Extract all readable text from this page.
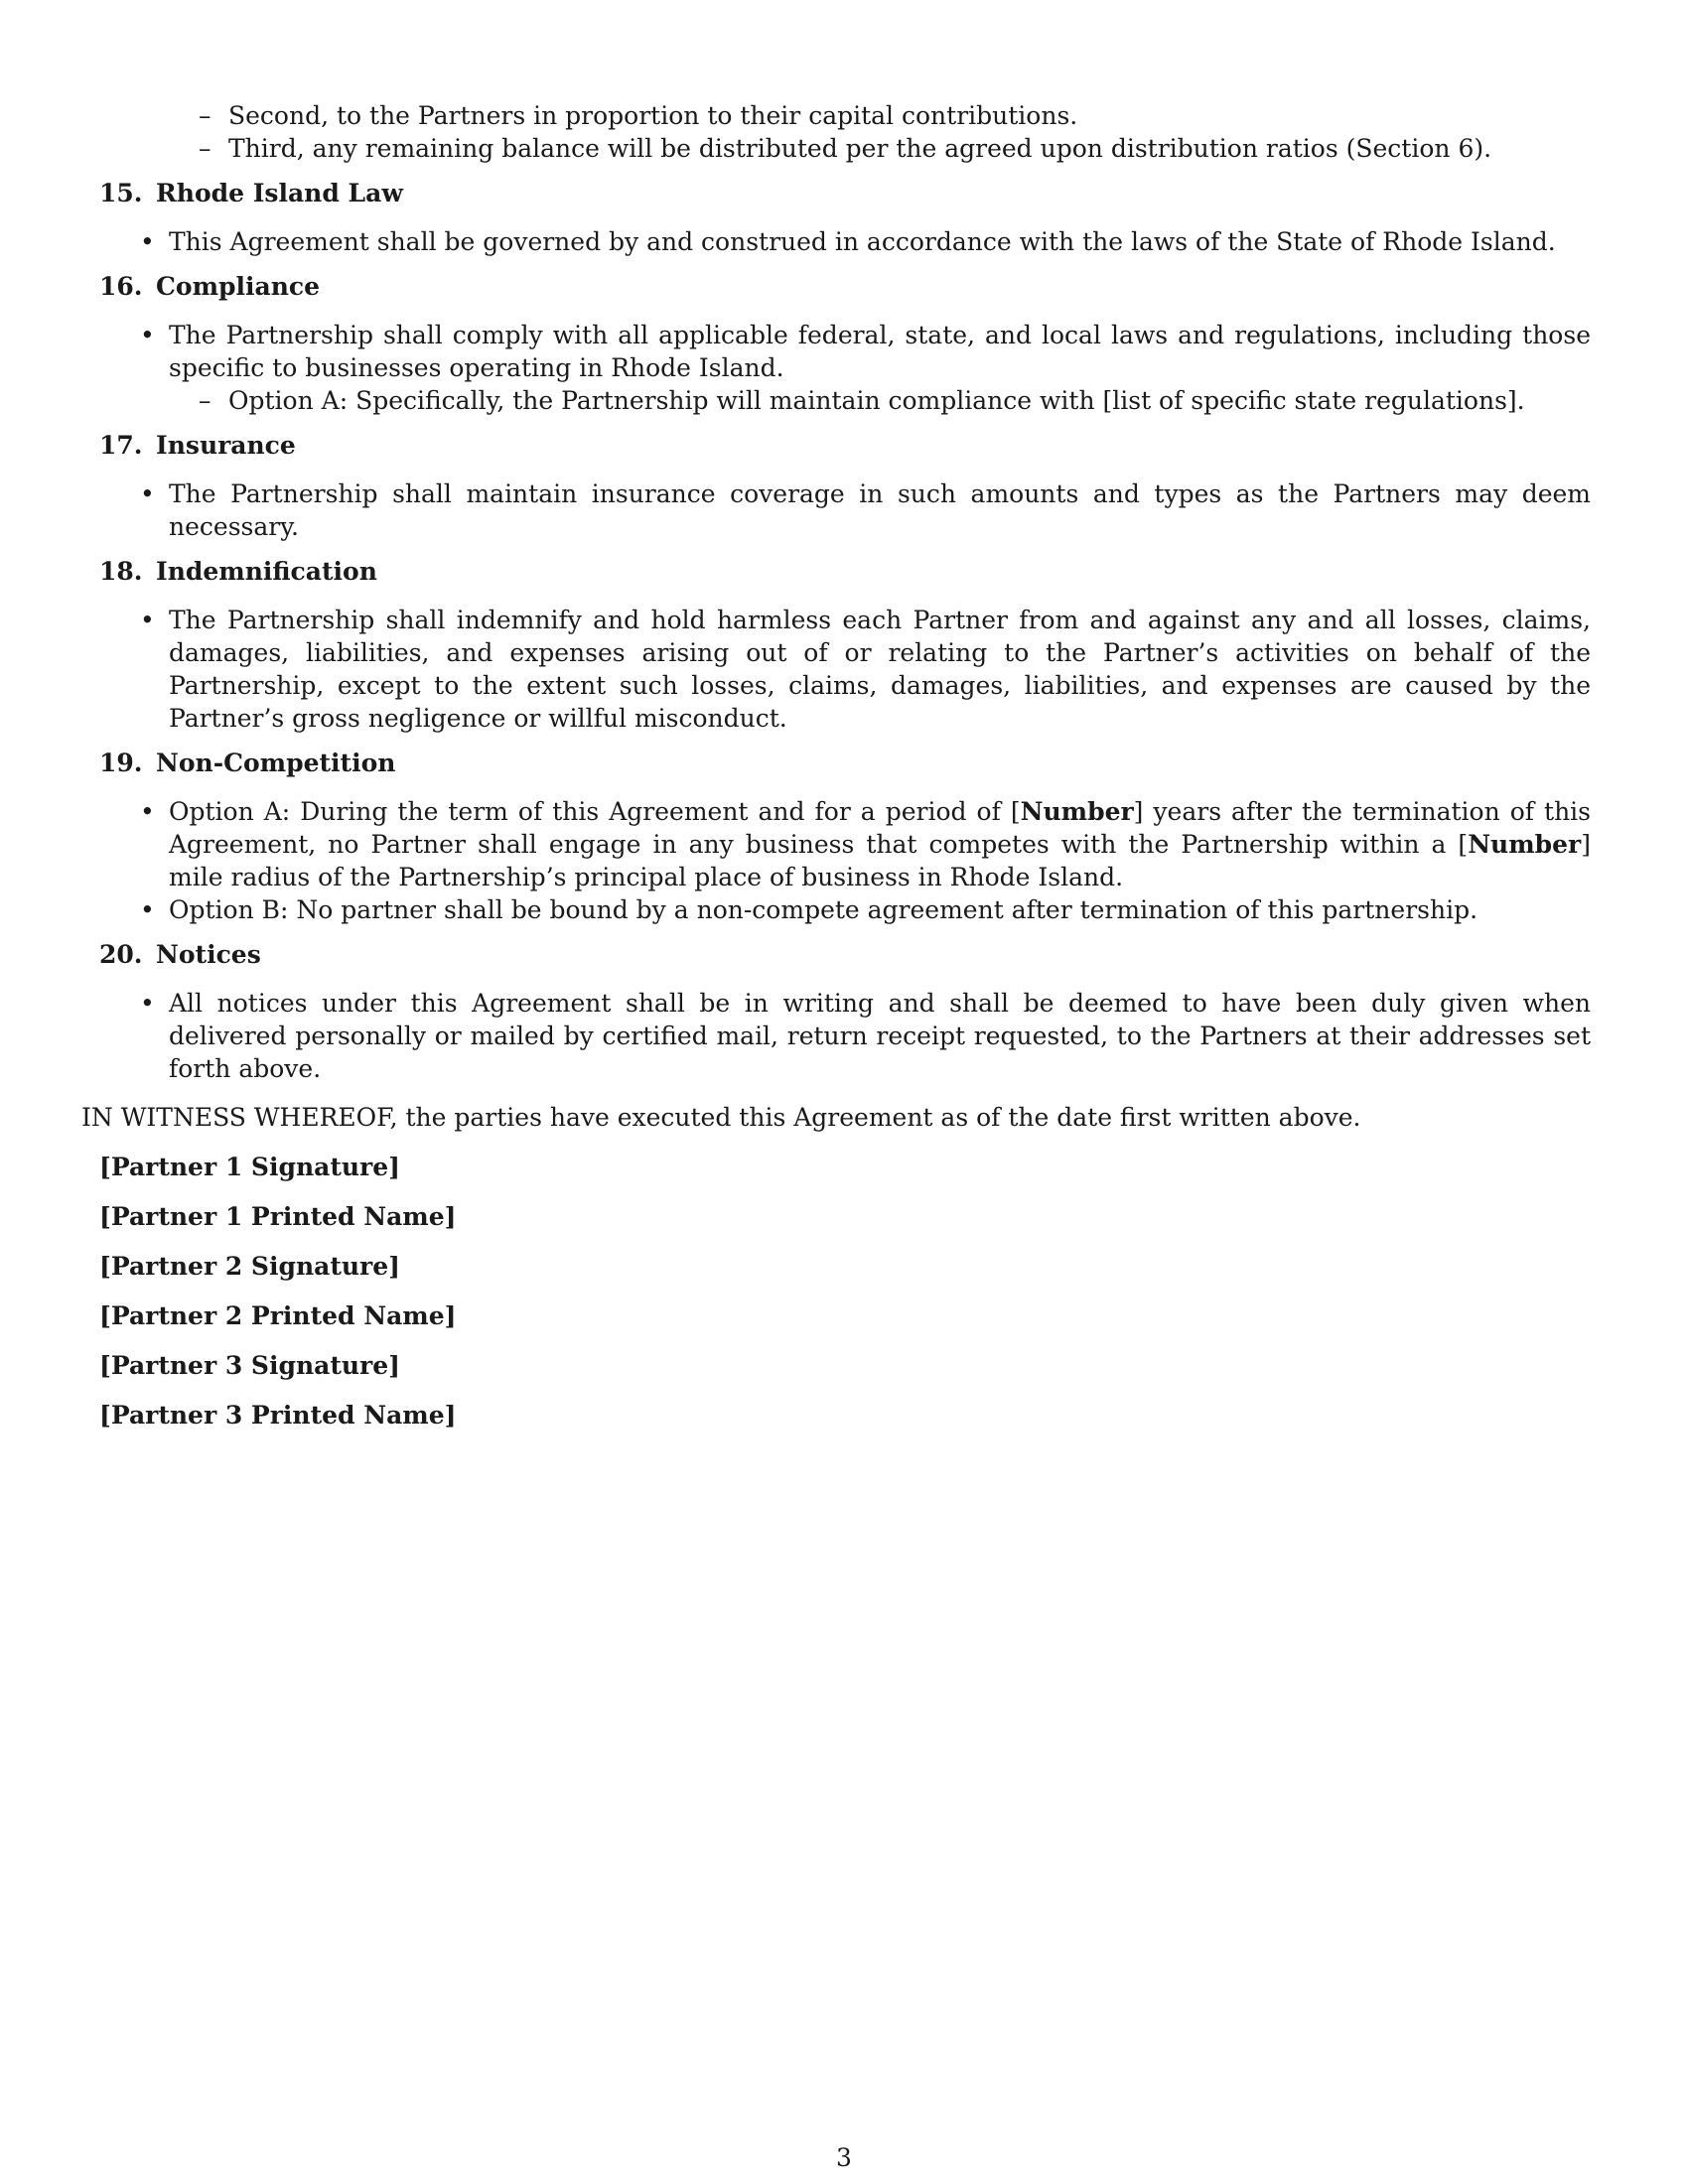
– Second, to the Partners in proportion to their capital contributions.
– Third, any remaining balance will be distributed per the agreed upon distribution ratios (Section 6).
15. Rhode Island Law
• This Agreement shall be governed by and construed in accordance with the laws of the State of Rhode Island.
16. Compliance
• The Partnership shall comply with all applicable federal, state, and local laws and regulations, including those specific to businesses operating in Rhode Island.
– Option A: Specifically, the Partnership will maintain compliance with [list of specific state regulations].
17. Insurance
• The Partnership shall maintain insurance coverage in such amounts and types as the Partners may deem necessary.
18. Indemnification
• The Partnership shall indemnify and hold harmless each Partner from and against any and all losses, claims, damages, liabilities, and expenses arising out of or relating to the Partner’s activities on behalf of the Partnership, except to the extent such losses, claims, damages, liabilities, and expenses are caused by the Partner’s gross negligence or willful misconduct.
19. Non-Competition
• Option A: During the term of this Agreement and for a period of [Number] years after the termination of this Agreement, no Partner shall engage in any business that competes with the Partnership within a [Number] mile radius of the Partnership’s principal place of business in Rhode Island.
• Option B: No partner shall be bound by a non-compete agreement after termination of this partnership.
20. Notices
• All notices under this Agreement shall be in writing and shall be deemed to have been duly given when delivered personally or mailed by certified mail, return receipt requested, to the Partners at their addresses set forth above.
IN WITNESS WHEREOF, the parties have executed this Agreement as of the date first written above.
[Partner 1 Signature]
[Partner 1 Printed Name]
[Partner 2 Signature]
[Partner 2 Printed Name]
[Partner 3 Signature]
[Partner 3 Printed Name]
3
